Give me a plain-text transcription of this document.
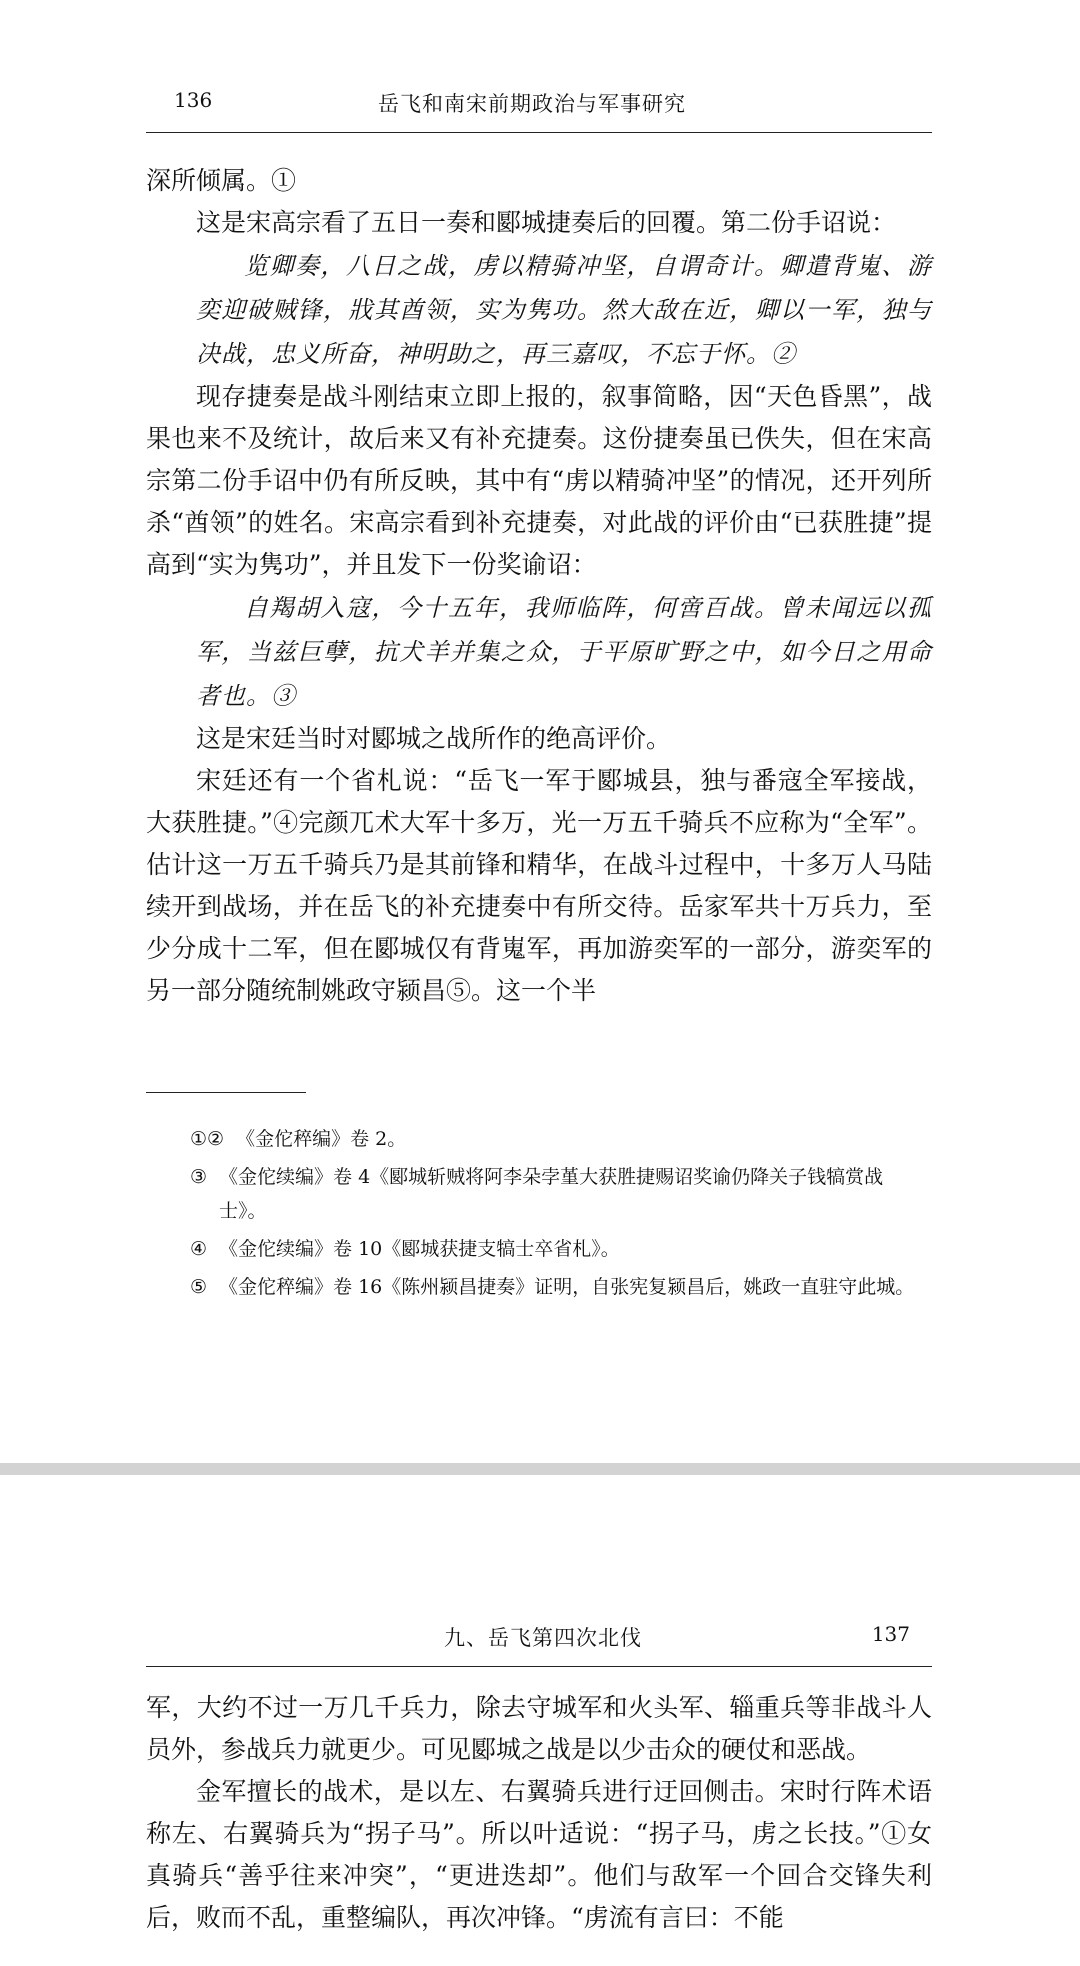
136	岳飞和南宋前期政治与军事研究

深所倾属。①

这是宋高宗看了五日一奏和郾城捷奏后的回覆。第二份手诏说：

览卿奏，八日之战，虏以精骑冲坚，自谓奇计。卿遣背嵬、游奕迎破贼锋，戕其酋领，实为隽功。然大敌在近，卿以一军，独与决战，忠义所奋，神明助之，再三嘉叹，不忘于怀。②

现存捷奏是战斗刚结束立即上报的，叙事简略，因“天色昏黑”，战果也来不及统计，故后来又有补充捷奏。这份捷奏虽已佚失，但在宋高宗第二份手诏中仍有所反映，其中有“虏以精骑冲坚”的情况，还开列所杀“酋领”的姓名。宋高宗看到补充捷奏，对此战的评价由“已获胜捷”提高到“实为隽功”，并且发下一份奖谕诏：

自羯胡入寇，今十五年，我师临阵，何啻百战。曾未闻远以孤军，当兹巨孽，抗犬羊并集之众，于平原旷野之中，如今日之用命者也。③

这是宋廷当时对郾城之战所作的绝高评价。

宋廷还有一个省札说：“岳飞一军于郾城县，独与番寇全军接战，大获胜捷。”④完颜兀术大军十多万，光一万五千骑兵不应称为“全军”。估计这一万五千骑兵乃是其前锋和精华，在战斗过程中，十多万人马陆续开到战场，并在岳飞的补充捷奏中有所交待。岳家军共十万兵力，至少分成十二军，但在郾城仅有背嵬军，再加游奕军的一部分，游奕军的另一部分随统制姚政守颍昌⑤。这一个半

①② 《金佗稡编》卷 2。
③ 《金佗续编》卷 4《郾城斩贼将阿李朵孛堇大获胜捷赐诏奖谕仍降关子钱犒赏战士》。
④ 《金佗续编》卷 10《郾城获捷支犒士卒省札》。
⑤ 《金佗稡编》卷 16《陈州颍昌捷奏》证明，自张宪复颍昌后，姚政一直驻守此城。
九、岳飞第四次北伐	137

军，大约不过一万几千兵力，除去守城军和火头军、辎重兵等非战斗人员外，参战兵力就更少。可见郾城之战是以少击众的硬仗和恶战。

金军擅长的战术，是以左、右翼骑兵进行迂回侧击。宋时行阵术语称左、右翼骑兵为“拐子马”。所以叶适说：“拐子马，虏之长技。”①女真骑兵“善乎往来冲突”，“更进迭却”。他们与敌军一个回合交锋失利后，败而不乱，重整编队，再次冲锋。“虏流有言曰：不能
